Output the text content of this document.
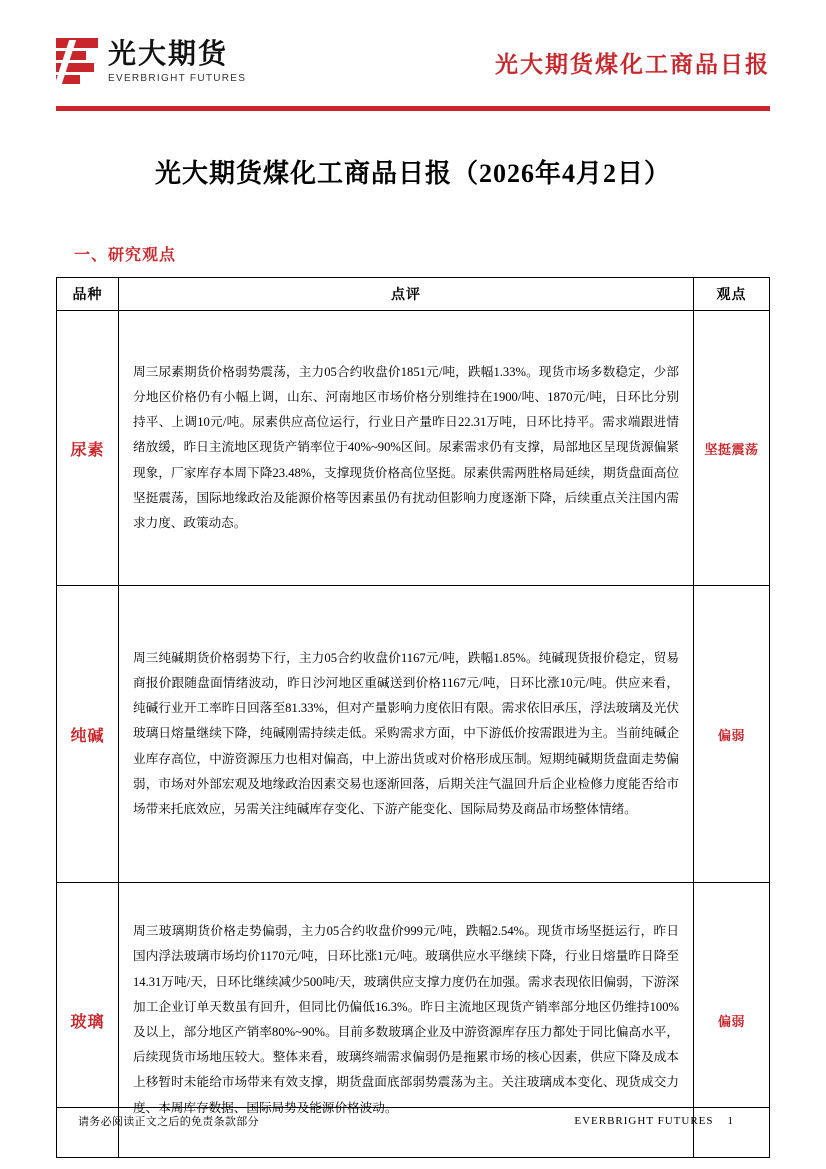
光大期货
EVERBRIGHT FUTURES
光大期货煤化工商品日报
光大期货煤化工商品日报（2026年4月2日）
一、研究观点
品种	点评	观点
尿素	周三尿素期货价格弱势震荡，主力05合约收盘价1851元/吨，跌幅1.33%。现货市场多数稳定，少部分地区价格仍有小幅上调，山东、河南地区市场价格分别维持在1900/吨、1870元/吨，日环比分别持平、上调10元/吨。尿素供应高位运行，行业日产量昨日22.31万吨，日环比持平。需求端跟进情绪放缓，昨日主流地区现货产销率位于40%~90%区间。尿素需求仍有支撑，局部地区呈现货源偏紧现象，厂家库存本周下降23.48%，支撑现货价格高位坚挺。尿素供需两胜格局延续，期货盘面高位坚挺震荡，国际地缘政治及能源价格等因素虽仍有扰动但影响力度逐渐下降，后续重点关注国内需求力度、政策动态。	坚挺震荡
纯碱	周三纯碱期货价格弱势下行，主力05合约收盘价1167元/吨，跌幅1.85%。纯碱现货报价稳定，贸易商报价跟随盘面情绪波动，昨日沙河地区重碱送到价格1167元/吨，日环比涨10元/吨。供应来看，纯碱行业开工率昨日回落至81.33%，但对产量影响力度依旧有限。需求依旧承压，浮法玻璃及光伏玻璃日熔量继续下降，纯碱刚需持续走低。采购需求方面，中下游低价按需跟进为主。当前纯碱企业库存高位，中游资源压力也相对偏高，中上游出货或对价格形成压制。短期纯碱期货盘面走势偏弱，市场对外部宏观及地缘政治因素交易也逐渐回落，后期关注气温回升后企业检修力度能否给市场带来托底效应，另需关注纯碱库存变化、下游产能变化、国际局势及商品市场整体情绪。	偏弱
玻璃	周三玻璃期货价格走势偏弱，主力05合约收盘价999元/吨，跌幅2.54%。现货市场坚挺运行，昨日国内浮法玻璃市场均价1170元/吨，日环比涨1元/吨。玻璃供应水平继续下降，行业日熔量昨日降至14.31万吨/天，日环比继续减少500吨/天，玻璃供应支撑力度仍在加强。需求表现依旧偏弱，下游深加工企业订单天数虽有回升，但同比仍偏低16.3%。昨日主流地区现货产销率部分地区仍维持100%及以上，部分地区产销率80%~90%。目前多数玻璃企业及中游资源库存压力都处于同比偏高水平，后续现货市场地压较大。整体来看，玻璃终端需求偏弱仍是拖累市场的核心因素，供应下降及成本上移暂时未能给市场带来有效支撑，期货盘面底部弱势震荡为主。关注玻璃成本变化、现货成交力度、本周库存数据、国际局势及能源价格波动。	偏弱
请务必阅读正文之后的免责条款部分	EVERBRIGHT FUTURES 1
